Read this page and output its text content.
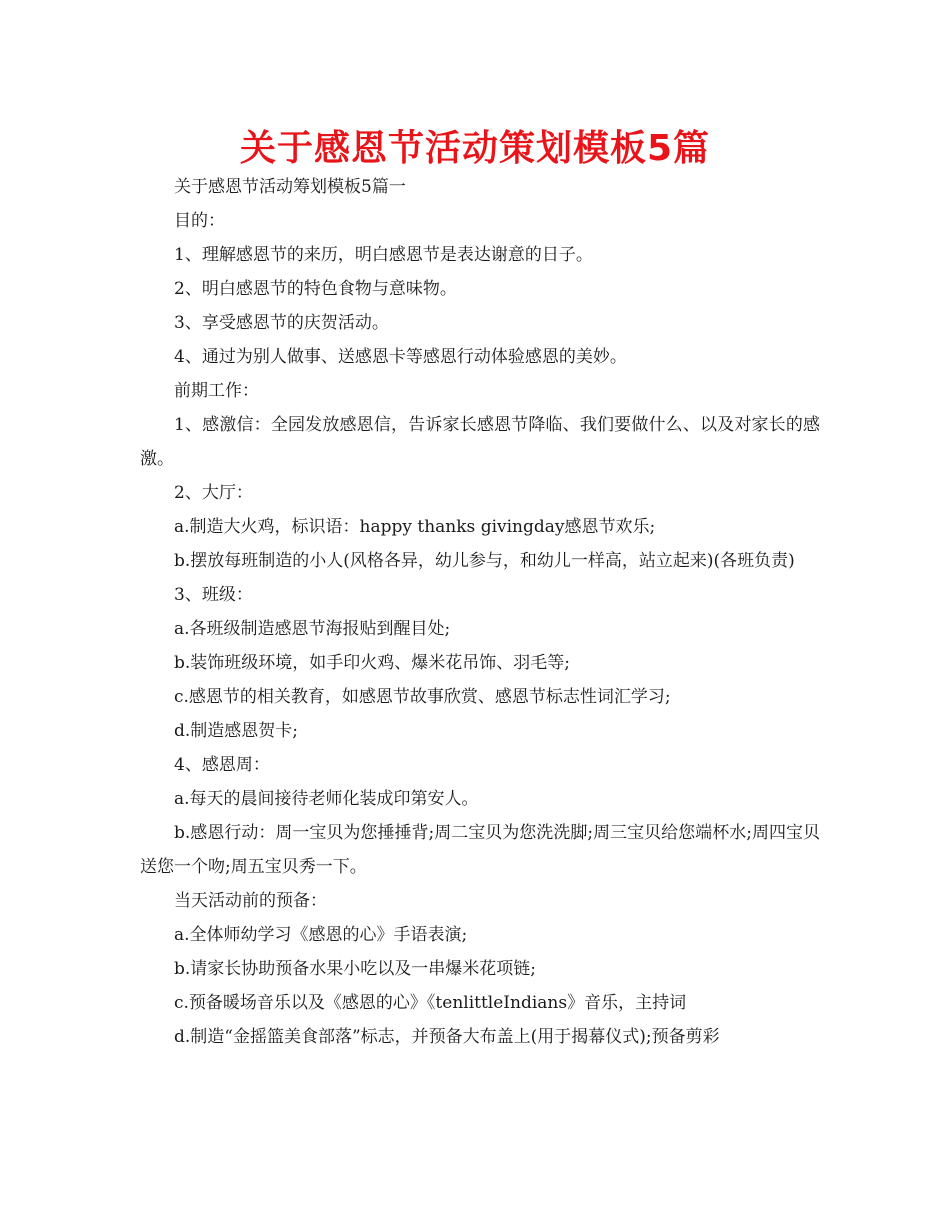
关于感恩节活动策划模板5篇

关于感恩节活动筹划模板5篇一

目的：

1、理解感恩节的来历，明白感恩节是表达谢意的日子。

2、明白感恩节的特色食物与意味物。

3、享受感恩节的庆贺活动。

4、通过为别人做事、送感恩卡等感恩行动体验感恩的美妙。

前期工作：

1、感激信：全园发放感恩信，告诉家长感恩节降临、我们要做什么、以及对家长的感激。

2、大厅：

a.制造大火鸡，标识语：happy thanks givingday感恩节欢乐;

b.摆放每班制造的小人(风格各异，幼儿参与，和幼儿一样高，站立起来)(各班负责)

3、班级：

a.各班级制造感恩节海报贴到醒目处;

b.装饰班级环境，如手印火鸡、爆米花吊饰、羽毛等;

c.感恩节的相关教育，如感恩节故事欣赏、感恩节标志性词汇学习;

d.制造感恩贺卡;

4、感恩周：

a.每天的晨间接待老师化装成印第安人。

b.感恩行动：周一宝贝为您捶捶背;周二宝贝为您洗洗脚;周三宝贝给您端杯水;周四宝贝送您一个吻;周五宝贝秀一下。

当天活动前的预备：

a.全体师幼学习《感恩的心》手语表演;

b.请家长协助预备水果小吃以及一串爆米花项链;

c.预备暖场音乐以及《感恩的心》《tenlittleIndians》音乐，主持词

d.制造“金摇篮美食部落”标志，并预备大布盖上(用于揭幕仪式);预备剪彩
